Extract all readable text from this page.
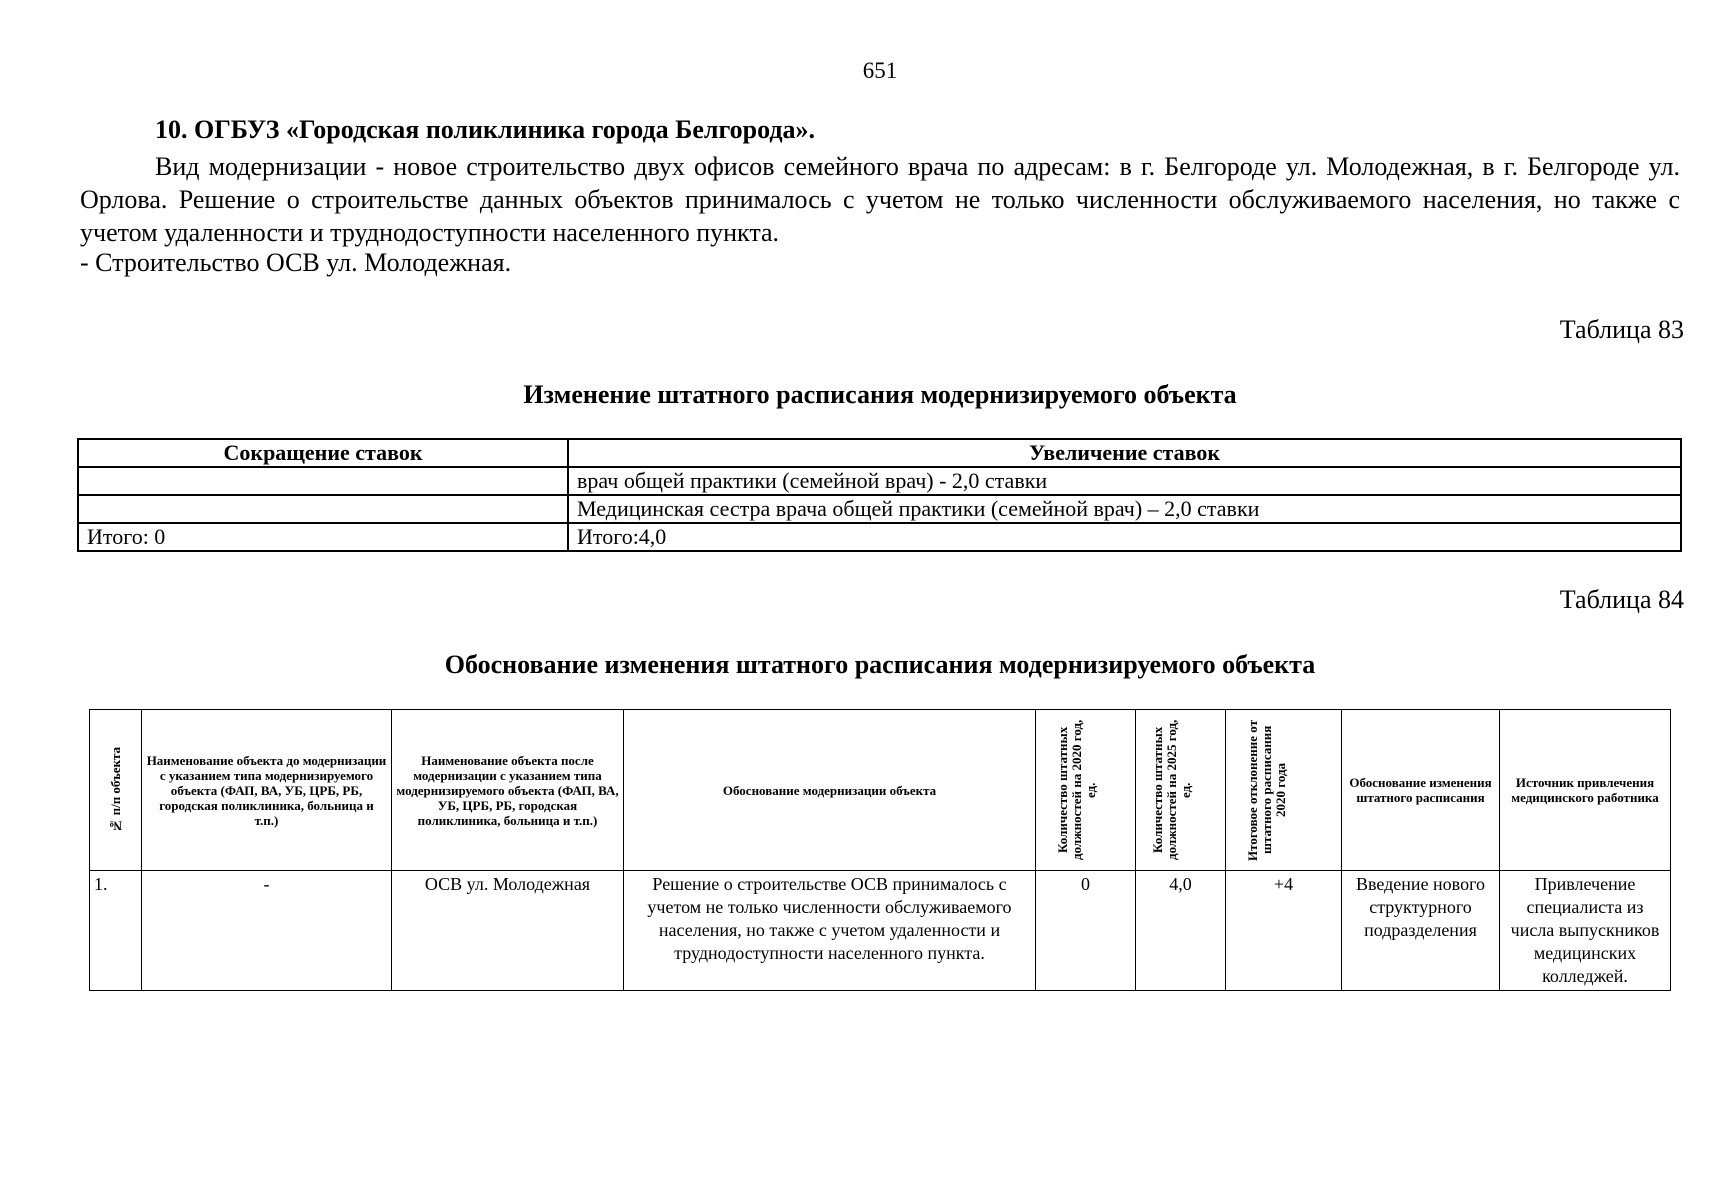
651
10. ОГБУЗ «Городская поликлиника города Белгорода».
Вид модернизации - новое строительство двух офисов семейного врача по адресам: в г. Белгороде ул. Молодежная, в г. Белгороде ул. Орлова. Решение о строительстве данных объектов принималось с учетом не только численности обслуживаемого населения, но также с учетом удаленности и труднодоступности населенного пункта.
- Строительство ОСВ ул. Молодежная.
Таблица 83
Изменение штатного расписания модернизируемого объекта
Сокращение ставок	Увеличение ставок
	врач общей практики (семейной врач) - 2,0 ставки
	Медицинская сестра врача общей практики (семейной врач) – 2,0 ставки
Итого: 0	Итого:4,0
Таблица 84
Обоснование изменения штатного расписания модернизируемого объекта
№ п/п объекта	Наименование объекта до модернизации с указанием типа модернизируемого объекта (ФАП, ВА, УБ, ЦРБ, РБ, городская поликлиника, больница и т.п.)	Наименование объекта после модернизации с указанием типа модернизируемого объекта (ФАП, ВА, УБ, ЦРБ, РБ, городская поликлиника, больница и т.п.)	Обоснование модернизации объекта	Количество штатных должностей на 2020 год, ед.	Количество штатных должностей на 2025 год, ед.	Итоговое отклонение от штатного расписания 2020 года	Обоснование изменения штатного расписания	Источник привлечения медицинского работника
1.	-	ОСВ ул. Молодежная	Решение о строительстве ОСВ принималось с учетом не только численности обслуживаемого населения, но также с учетом удаленности и труднодоступности населенного пункта.	0	4,0	+4	Введение нового структурного подразделения	Привлечение специалиста из числа выпускников медицинских колледжей.
